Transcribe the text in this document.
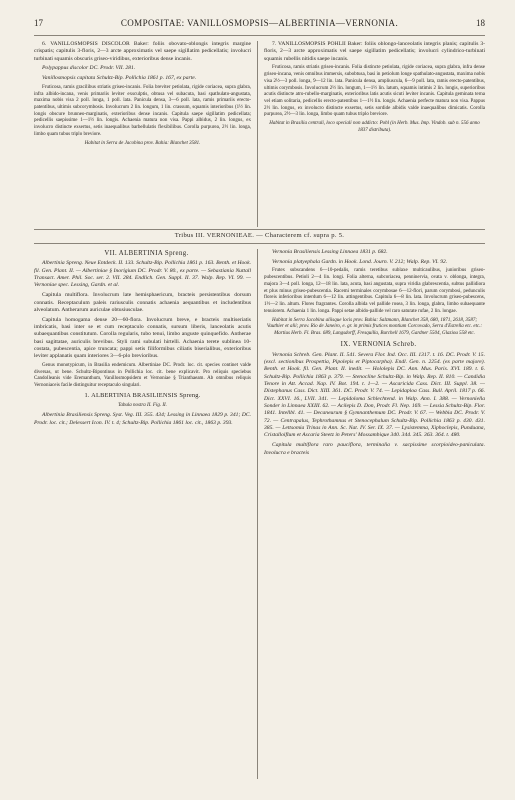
17	COMPOSITAE: VANILLOSMOPSIS—ALBERTINIA—VERNONIA.	18

6. VANILLOSMOPSIS DISCOLOR Baker: foliis obovato-oblongis integris margine crispatis; capitulis 3-floris, 2—3 arcte approximatis vel saepe sigillatim pedicellatis; involucri turbinati squamis obscuris griseo-viridibus, exterioribus dense incanis.

Polypappus discolor DC. Prodr. VII. 281.

Vanillosmopsis capitata Schultz-Bip. Pollichia 1861 p. 167, ex parte.

Fruticosa, ramis gracilibus striatis griseo-incanis. Folia breviter petiolata, rigide coriacea, supra glabra, infra albido-incana, venis primariis leviter exsculptis, obtusa vel subacuta, basi spathulato-angustata, maxima nobis visa 2 poll. longa, 1 poll. lata. Panicula densa, 3—6 poll. lata, ramis primariis erecto-patentibus, ultimis subcorymbosis. Involucrum 2 lin. longum, 1 lin. crassum, squamis interioribus (1½ lin. longis obscure brunneo-marginatis, exterioribus dense incanis. Capitula saepe sigillatim pedicellata; pedicellis saepissime 1—1½ lin. longis. Achaenia matura non visa. Pappi albidus, 2 lin. longus, ex involucro distincte exsertus, setis inaequalibus barbellulatis flexibilibus. Corolla purpurea, 2½ lin. longa, limbo quam tubus triplo breviore.

Habitat in Serra de Jacobina prov. Bahia: Blanchet 3581.

7. VANILLOSMOPSIS POHLII Baker: foliis oblongo-lanceolatis integris planis; capitulis 3-floris, 2—3 arcte approximatis vel saepe sigillatim pedicellatis; involucri cylindrico-turbinati squamis rubellis nitidis saepe incanis.

Fruticosa, ramis striatis griseo-incanis. Folia distincte petiolata, rigide coriacea, supra glabra, infra dense griseo-incana, venis omnibus immersis, subobtusa, basi in petiolum longe spathulato-angustata, maxima nobis visa 2½—3 poll. longa, 9—12 lin. lata. Panicula densa, ampliuscula, 6—9 poll. lata, ramis erecto-patentibus, ultimis corymbosis. Involucrum 2½ lin. longum, 1—1½ lin. latum, squamis intimis 2 lin. longis, superioribus acutis distincte atro-rubello-marginatis, exterioribus latis acutis sicuti leviter incanis. Capitula geminata terna vel etiam solitaria, pedicellis erecto-patentibus 1—1½ lin. longis. Achaenia perfecte matura non visa. Pappus 2½ lin. longus, ex involucro distincte exsertus, setis sordide albidis valde inaequalibus dimicatis. Corolla purpurea, 2½—3 lin. longa, limbo quam tubus triplo breviore.

Habitat in Brasilia centrali, loco speciali non addicto: Pohl (in Herb. Mus. Imp. Vindob. sub n. 556 anno 1837 distributa).

Tribus III. VERNONIEAE. — Characterem cf. supra p. 5.

VII. ALBERTINIA Spreng.

Albertinia Spreng. Neue Entdeck. II. 133. Schultz-Bip. Pollichia 1861 p. 163. Benth. et Hook. fil. Gen. Plant. II. — Albertiniae § Inorigium DC. Prodr. V. 80., ex parte. — Sebastiania Nuttall Transact. Amer. Phil. Soc. ser. 2. VII. 284. Endlich. Gen. Suppl. II. 37. Walp. Rep. VI. 99. — Vernoniae spec. Lessing, Gardn. et al.

Capitula multiflora. Involucrum late hemisphaericum, bracteis persistentibus dorsum connatis. Receptaculum paleis rariusculis connatis achaenia aequantibus et includentibus alveolatum. Antherarum auriculae obtusiusculae.

Capitula homogama dense 20—60-flora. Involucrum breve, e bracteis multiseriatis imbricatis, basi inter se et cum receptaculo connatis, sursum liberis, lanceolatis acutis subaequantibus constitutum. Corolla regularis, tubo tenui, limbo anguste quinquefido. Antherae basi sagittatae, auriculis brevibus. Styli rami subulati hirtelli. Achaenia terete sublinea 10-costata, pubescentia, apice truncata; pappi setis filiformibus ciliatis biserialibus, exterioribus leviter applanatis quam interiores 3—6-plo brevioribus.

Genus monotypicum, in Brasilia endemicum. Albertiniae DC. Prodr. loc. cit. species continet valde diversas, ut bene. Schultz-Bipontinus in Pollichia loc. cit. bene explicavit. Pro reliquis speciebus Candolleanis vide Eremanthum, Vanillosmopsidem et Vernoniae § Trianthaeam. Ab omnibus reliquis Vernoniaceis facile distinguitur receptaculo singulari.

1. ALBERTINIA BRASILIENSIS Spreng.

Tabula nostra II. Fig. II.

Albertinia Brasiliensis Spreng. Syst. Veg. III. 355. 434; Lessing in Linnaea 1829 p. 341; DC. Prodr. loc. cit.; Delessert Icon. IV. t. 4; Schultz-Bip. Pollichia 1861 loc. cit., 1863 p. 393.

Vernonia Brasiliensis Lessing Linnaea 1831 p. 682.

Vernonia platyephala Gardn. in Hook. Lond. Journ. V. 212; Walp. Rep. VI. 92.

Frutex subscandens 6—10-pedalis, ramis teretibus sublaxe multicaulibus, junioribus griseo-pubescentibus. Petioli 2—4 lin. longi. Folia alterna, subcoriacea, penninervia, ovata v. oblonga, integra, majora 3—4 poll. longa, 12—18 lin. lata, acuta, basi angustata, supra viridia glabrescentia, subtus pallidiora et plus minus griseo-pubescentia. Racemi terminales corymbosae 6—12-flori, parum corymbosi, pedunculis floreis inferioribus interdum 6—12 lin. attingentibus. Capitula 6—8 lin. lata. Involucrum griseo-pubescens, 1½—2 lin. altum. Flores fragrantes. Corolla albida vel pallide rosea, 3 lin. longa, glabra, limbo subaequante tenuiorem. Achaenia 1 lin. longa. Pappi setae albido-pallide vel raro saturate rufae, 2 lin. longae.

Habitat in Serra Jacobina aliisque locis prov. Bahia: Salzmann, Blanchet 358, 680, 1871, 2618, 3587; Vauthier et alii; prov. Rio de Janeiro, e. gr. in primis frutices montium Corcovado, Serra d'Estrella etc. etc.: Martius Herb. Fl. Bras. 689, Langsdorff, Fresquilla, Burchell 1679, Gardner 5504, Glaziou 558 etc.

IX. VERNONIA Schreb.

Vernonia Schreb. Gen. Plant. II. 541. Severa Flor. Ind. Occ. III. 1317. t. 16. DC. Prodr. V. 15. (excl. sectionibus Prospettia, Pipolepis et Piptocarpha). Endl. Gen. n. 2254. (ex parte majore). Benth. et Hook. fil. Gen. Plant. II. inedit. — Hololepis DC. Ann. Mus. Paris. XVI. 189. t. 6. Schultz-Bip. Pollichia 1863 p. 379. — Stenocline Schultz-Bip. in Walp. Rep. II. 810. — Candidia Tenore in Att. Accad. Nap. IV. Bot. 194. t. 1—2. — Ascaricida Cass. Dict. III. Suppl. 38. — Distephanus Cass. Dict. XIII. 361. DC. Prodr. V. 74. — Lepidaploa Cass. Bull. April. 1817 p. 66. Dict. XXVI. 16., LVII. 341. — Lepidoloma Schlechtend. in Walp. Ann. I. 388. — Vernoniella Sonder in Linnaea XXIII. 62. — Acilepis D. Don, Prodr. Fl. Nep. 169. — Lessia Schultz-Bip. Flor. 1841. Intellbl. 41. — Decaneurum § Gymnanthemum DC. Prodr. V. 67. — Webbia DC. Prodr. V. 72. — Centrapalus, Tephrothamnus et Stenocephalum Schultz-Bip. Pollichia 1863 p. 430. 431. 385. — Lettsomia Trinas in Ann. Sc. Nat. IV. Ser. IX. 37. — Lysistemma, Xiphoclepis, Punduana, Cristalloiflum et Ascaria Steetz in Peters' Mossambique 340. 344. 345. 363. 364. t. 480.

Capitula multiflora raro pauciflora, terminalia v. sacpissime scorpioideo-paniculata. Involucra e bracteis
